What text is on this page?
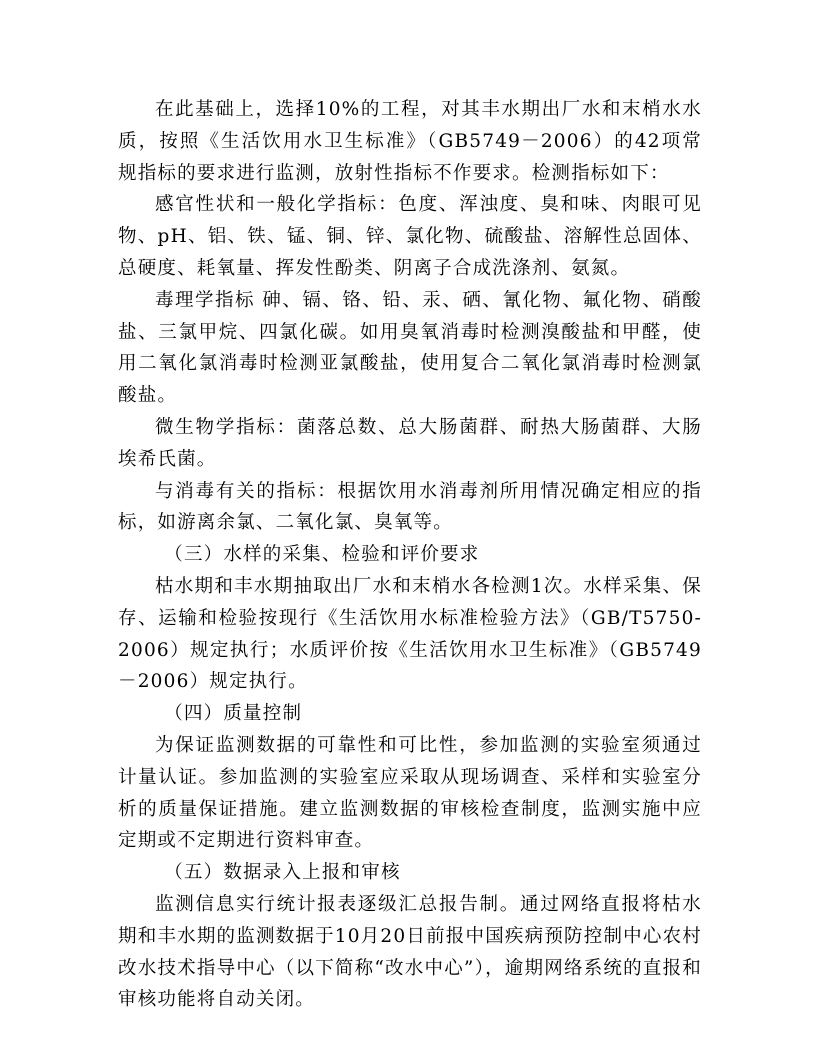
在此基础上，选择10%的工程，对其丰水期出厂水和末梢水水质，按照《生活饮用水卫生标准》（GB5749－2006）的42项常规指标的要求进行监测，放射性指标不作要求。检测指标如下：

感官性状和一般化学指标：色度、浑浊度、臭和味、肉眼可见物、pH、铝、铁、锰、铜、锌、氯化物、硫酸盐、溶解性总固体、总硬度、耗氧量、挥发性酚类、阴离子合成洗涤剂、氨氮。

毒理学指标 砷、镉、铬、铅、汞、硒、氰化物、氟化物、硝酸盐、三氯甲烷、四氯化碳。如用臭氧消毒时检测溴酸盐和甲醛，使用二氧化氯消毒时检测亚氯酸盐，使用复合二氧化氯消毒时检测氯酸盐。

微生物学指标：菌落总数、总大肠菌群、耐热大肠菌群、大肠埃希氏菌。

与消毒有关的指标：根据饮用水消毒剂所用情况确定相应的指标，如游离余氯、二氧化氯、臭氧等。

（三）水样的采集、检验和评价要求

枯水期和丰水期抽取出厂水和末梢水各检测1次。水样采集、保存、运输和检验按现行《生活饮用水标准检验方法》（GB/T5750- 2006）规定执行；水质评价按《生活饮用水卫生标准》（GB5749－2006）规定执行。

（四）质量控制

为保证监测数据的可靠性和可比性，参加监测的实验室须通过计量认证。参加监测的实验室应采取从现场调查、采样和实验室分析的质量保证措施。建立监测数据的审核检查制度，监测实施中应定期或不定期进行资料审查。

（五）数据录入上报和审核

监测信息实行统计报表逐级汇总报告制。通过网络直报将枯水期和丰水期的监测数据于10月20日前报中国疾病预防控制中心农村改水技术指导中心（以下简称“改水中心”），逾期网络系统的直报和审核功能将自动关闭。
